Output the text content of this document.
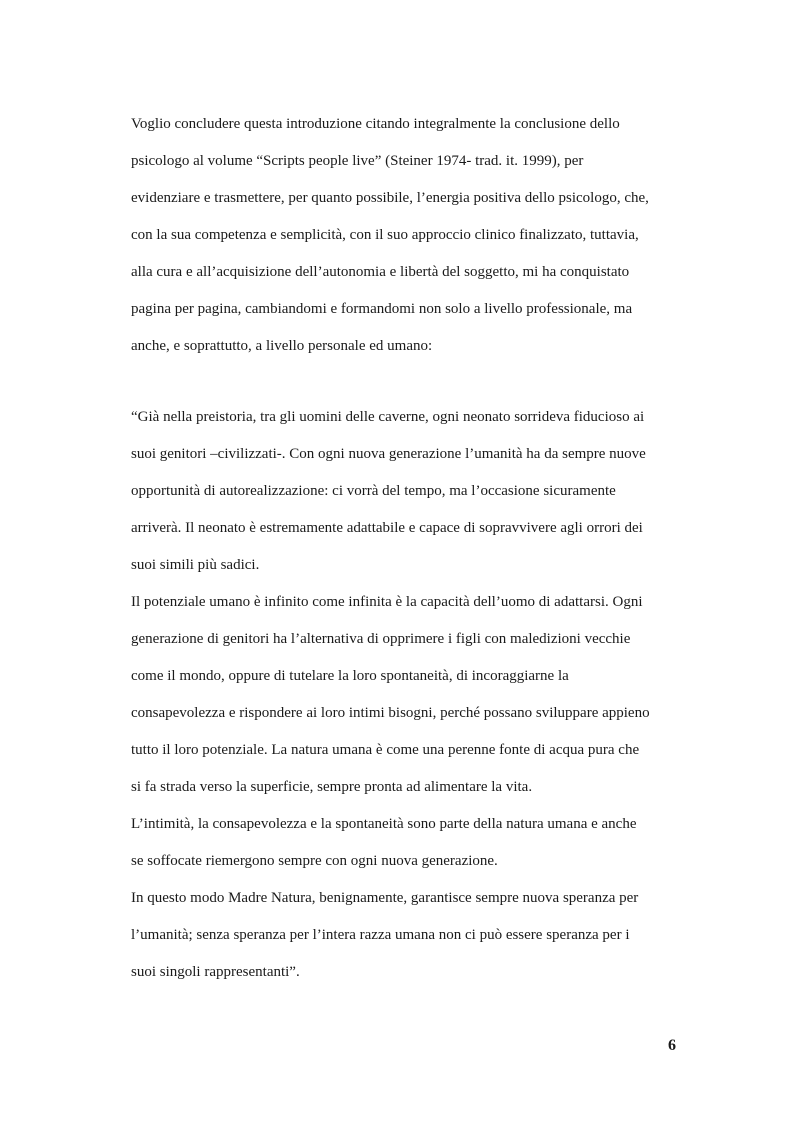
Voglio concludere questa introduzione citando integralmente la conclusione dello
psicologo al volume “Scripts people live” (Steiner 1974- trad. it. 1999), per
evidenziare e trasmettere, per quanto possibile, l’energia positiva dello psicologo, che,
con la sua competenza e semplicità, con il suo approccio clinico finalizzato, tuttavia,
alla cura e all’acquisizione dell’autonomia e libertà del soggetto, mi ha conquistato
pagina per pagina, cambiandomi e formandomi non solo a livello professionale, ma
anche, e soprattutto, a livello personale ed umano:
“Già nella preistoria, tra gli uomini delle caverne, ogni neonato sorrideva fiducioso ai
suoi genitori –civilizzati-. Con ogni nuova generazione l’umanità ha da sempre nuove
opportunità di autorealizzazione: ci vorrà del tempo, ma l’occasione sicuramente
arriverà. Il neonato è estremamente adattabile e capace di sopravvivere agli orrori dei
suoi simili più sadici.
Il potenziale umano è infinito come infinita è la capacità dell’uomo di adattarsi. Ogni
generazione di genitori ha l’alternativa di opprimere i figli con maledizioni vecchie
come il mondo, oppure di tutelare la loro spontaneità, di incoraggiarne la
consapevolezza e rispondere ai loro intimi bisogni, perché possano sviluppare appieno
tutto il loro potenziale. La natura umana è come una perenne fonte di acqua pura che
si fa strada verso la superficie, sempre pronta ad alimentare la vita.
L’intimità, la consapevolezza e la spontaneità sono parte della natura umana e anche
se soffocate riemergono sempre con ogni nuova generazione.
In questo modo Madre Natura, benignamente, garantisce sempre nuova speranza per
l’umanità; senza speranza per l’intera razza umana non ci può essere speranza per i
suoi singoli rappresentanti”.
6
